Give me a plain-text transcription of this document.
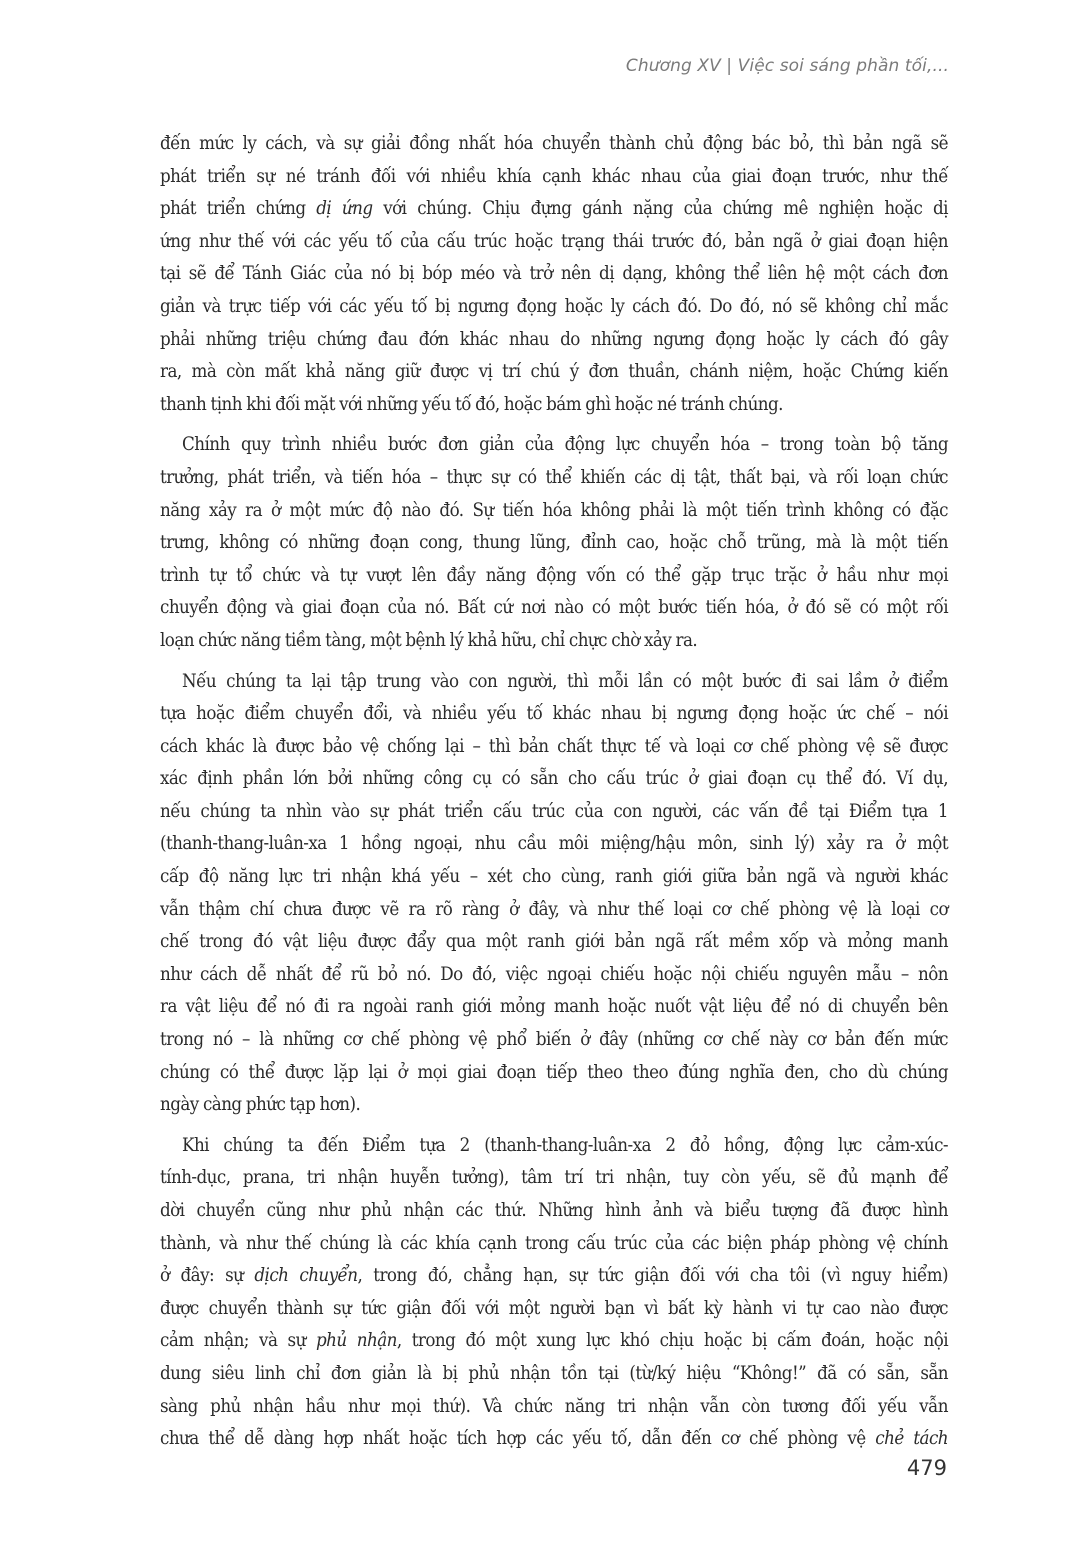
Chương XV | Việc soi sáng phần tối,...
đến mức ly cách, và sự giải đồng nhất hóa chuyển thành chủ động bác bỏ, thì bản ngã sẽ
phát triển sự né tránh đối với nhiều khía cạnh khác nhau của giai đoạn trước, như thế
phát triển chứng dị ứng với chúng. Chịu đựng gánh nặng của chứng mê nghiện hoặc dị
ứng như thế với các yếu tố của cấu trúc hoặc trạng thái trước đó, bản ngã ở giai đoạn hiện
tại sẽ để Tánh Giác của nó bị bóp méo và trở nên dị dạng, không thể liên hệ một cách đơn
giản và trực tiếp với các yếu tố bị ngưng đọng hoặc ly cách đó. Do đó, nó sẽ không chỉ mắc
phải những triệu chứng đau đớn khác nhau do những ngưng đọng hoặc ly cách đó gây
ra, mà còn mất khả năng giữ được vị trí chú ý đơn thuần, chánh niệm, hoặc Chứng kiến
thanh tịnh khi đối mặt với những yếu tố đó, hoặc bám ghì hoặc né tránh chúng.
Chính quy trình nhiều bước đơn giản của động lực chuyển hóa – trong toàn bộ tăng
trưởng, phát triển, và tiến hóa – thực sự có thể khiến các dị tật, thất bại, và rối loạn chức
năng xảy ra ở một mức độ nào đó. Sự tiến hóa không phải là một tiến trình không có đặc
trưng, không có những đoạn cong, thung lũng, đỉnh cao, hoặc chỗ trũng, mà là một tiến
trình tự tổ chức và tự vượt lên đầy năng động vốn có thể gặp trục trặc ở hầu như mọi
chuyển động và giai đoạn của nó. Bất cứ nơi nào có một bước tiến hóa, ở đó sẽ có một rối
loạn chức năng tiềm tàng, một bệnh lý khả hữu, chỉ chực chờ xảy ra.
Nếu chúng ta lại tập trung vào con người, thì mỗi lần có một bước đi sai lầm ở điểm
tựa hoặc điểm chuyển đổi, và nhiều yếu tố khác nhau bị ngưng đọng hoặc ức chế – nói
cách khác là được bảo vệ chống lại – thì bản chất thực tế và loại cơ chế phòng vệ sẽ được
xác định phần lớn bởi những công cụ có sẵn cho cấu trúc ở giai đoạn cụ thể đó. Ví dụ,
nếu chúng ta nhìn vào sự phát triển cấu trúc của con người, các vấn đề tại Điểm tựa 1
(thanh-thang-luân-xa 1 hồng ngoại, nhu cầu môi miệng/hậu môn, sinh lý) xảy ra ở một
cấp độ năng lực tri nhận khá yếu – xét cho cùng, ranh giới giữa bản ngã và người khác
vẫn thậm chí chưa được vẽ ra rõ ràng ở đây, và như thế loại cơ chế phòng vệ là loại cơ
chế trong đó vật liệu được đẩy qua một ranh giới bản ngã rất mềm xốp và mỏng manh
như cách dễ nhất để rũ bỏ nó. Do đó, việc ngoại chiếu hoặc nội chiếu nguyên mẫu – nôn
ra vật liệu để nó đi ra ngoài ranh giới mỏng manh hoặc nuốt vật liệu để nó di chuyển bên
trong nó – là những cơ chế phòng vệ phổ biến ở đây (những cơ chế này cơ bản đến mức
chúng có thể được lặp lại ở mọi giai đoạn tiếp theo theo đúng nghĩa đen, cho dù chúng
ngày càng phức tạp hơn).
Khi chúng ta đến Điểm tựa 2 (thanh-thang-luân-xa 2 đỏ hồng, động lực cảm-xúc-
tính-dục, prana, tri nhận huyễn tưởng), tâm trí tri nhận, tuy còn yếu, sẽ đủ mạnh để
dời chuyển cũng như phủ nhận các thứ. Những hình ảnh và biểu tượng đã được hình
thành, và như thế chúng là các khía cạnh trong cấu trúc của các biện pháp phòng vệ chính
ở đây: sự dịch chuyển, trong đó, chẳng hạn, sự tức giận đối với cha tôi (vì nguy hiểm)
được chuyển thành sự tức giận đối với một người bạn vì bất kỳ hành vi tự cao nào được
cảm nhận; và sự phủ nhận, trong đó một xung lực khó chịu hoặc bị cấm đoán, hoặc nội
dung siêu linh chỉ đơn giản là bị phủ nhận tồn tại (từ/ký hiệu “Không!” đã có sẵn, sẵn
sàng phủ nhận hầu như mọi thứ). Và chức năng tri nhận vẫn còn tương đối yếu vẫn
chưa thể dễ dàng hợp nhất hoặc tích hợp các yếu tố, dẫn đến cơ chế phòng vệ chẻ tách
479
